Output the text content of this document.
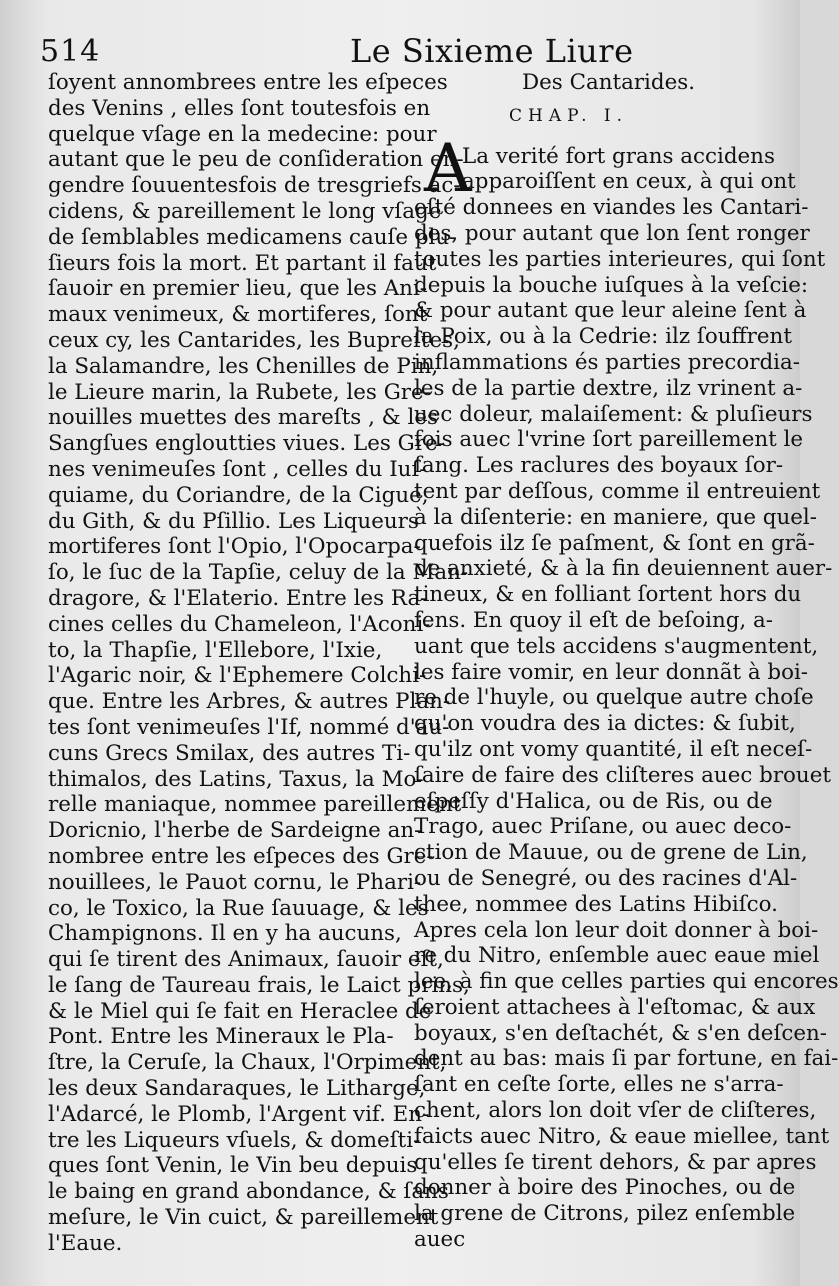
514	Le Sixieme Liure
ſoyent annombrees entre les eſpeces
des Venins , elles ſont toutesfois en
quelque vſage en la medecine: pour
autant que le peu de conſideration en-
gendre ſouuentesfois de tresgriefs ac-
cidens, & pareillement le long vſage
de ſemblables medicamens cauſe plu-
ſieurs fois la mort. Et partant il faut
ſauoir en premier lieu, que les Ani-
maux venimeux, & mortiferes, ſont
ceux cy, les Cantarides, les Bupreſtes,
la Salamandre, les Chenilles de Pin,
le Lieure marin, la Rubete, les Gre-
nouilles muettes des mareſts , & les
Sangſues engloutties viues. Les Gre-
nes venimeuſes ſont , celles du Iuſ-
quiame, du Coriandre, de la Cigue,
du Gith, & du Pſillio. Les Liqueurs
mortiferes ſont l'Opio, l'Opocarpa-
ſo, le ſuc de la Tapſie, celuy de la Man-
dragore, & l'Elaterio. Entre les Ra-
cines celles du Chameleon, l'Aconi-
to, la Thapſie, l'Ellebore, l'Ixie,
l'Agaric noir, & l'Ephemere Colchi-
que. Entre les Arbres, & autres Plan-
tes ſont venimeuſes l'If, nommé d'au-
cuns Grecs Smilax, des autres Ti-
thimalos, des Latins, Taxus, la Mo-
relle maniaque, nommee pareillement
Doricnio, l'herbe de Sardeigne an-
nombree entre les eſpeces des Gre-
nouillees, le Pauot cornu, le Phari-
co, le Toxico, la Rue ſauuage, & les
Champignons. Il en y ha aucuns,
qui ſe tirent des Animaux, ſauoir eſt,
le ſang de Taureau frais, le Laict prins,
& le Miel qui ſe fait en Heraclee de
Pont. Entre les Mineraux le Pla-
ſtre, la Ceruſe, la Chaux, l'Orpiment,
les deux Sandaraques, le Litharge,
l'Adarcé, le Plomb, l'Argent vif. En-
tre les Liqueurs vſuels, & domeſti-
ques ſont Venin, le Vin beu depuis
le baing en grand abondance, & ſans
meſure, le Vin cuict, & pareillement
l'Eaue.
Des Cantarides.
CHAP. I.
A
La verité fort grans accidens
apparoiſſent en ceux, à qui ont
eſté donnees en viandes les Cantari-
des, pour autant que lon ſent ronger
toutes les parties interieures, qui ſont
depuis la bouche iuſques à la veſcie:
& pour autant que leur aleine ſent à
la Poix, ou à la Cedrie: ilz ſouffrent
inflammations és parties precordia-
les de la partie dextre, ilz vrinent a-
uec doleur, malaiſement: & pluſieurs
fois auec l'vrine ſort pareillement le
ſang. Les raclures des boyaux ſor-
tent par deſſous, comme il entreuient
à la diſenterie: en maniere, que quel-
quefois ilz ſe paſment, & ſont en grã-
de anxieté, & à la fin deuiennent auer-
tineux, & en folliant ſortent hors du
ſens. En quoy il eſt de beſoing, a-
uant que tels accidens s'augmentent,
les faire vomir, en leur donnãt à boi-
re de l'huyle, ou quelque autre choſe
qu'on voudra des ia dictes: & ſubit,
qu'ilz ont vomy quantité, il eſt neceſ-
ſaire de faire des cliſteres auec brouet
eſpeſſy d'Halica, ou de Ris, ou de
Trago, auec Priſane, ou auec deco-
ction de Mauue, ou de grene de Lin,
ou de Senegré, ou des racines d'Al-
thee, nommee des Latins Hibiſco.
Apres cela lon leur doit donner à boi-
re du Nitro, enſemble auec eaue miel
lee, à fin que celles parties qui encores
ſeroient attachees à l'eſtomac, & aux
boyaux, s'en deſtachét, & s'en deſcen-
dent au bas: mais ſi par fortune, en fai-
ſant en ceſte ſorte, elles ne s'arra-
chent, alors lon doit vſer de cliſteres,
faicts auec Nitro, & eaue miellee, tant
qu'elles ſe tirent dehors, & par apres
donner à boire des Pinoches, ou de
la grene de Citrons, pilez enſemble
auec
